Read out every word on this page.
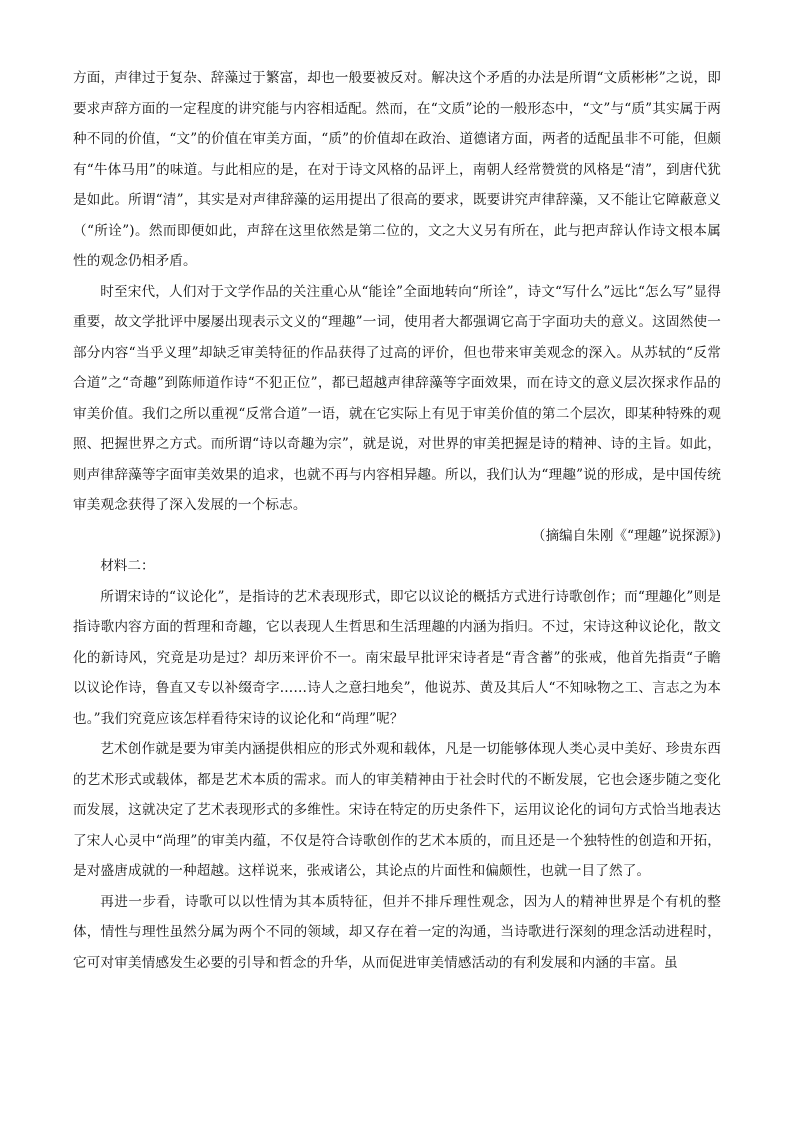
方面，声律过于复杂、辞藻过于繁富，却也一般要被反对。解决这个矛盾的办法是所谓“文质彬彬”之说，即要求声辞方面的一定程度的讲究能与内容相适配。然而，在“文质”论的一般形态中，“文”与“质”其实属于两种不同的价值，“文”的价值在审美方面，“质”的价值却在政治、道德诸方面，两者的适配虽非不可能，但颇有“牛体马用”的味道。与此相应的是，在对于诗文风格的品评上，南朝人经常赞赏的风格是“清”，到唐代犹是如此。所谓“清”，其实是对声律辞藻的运用提出了很高的要求，既要讲究声律辞藻，又不能让它障蔽意义（“所诠”)。然而即便如此，声辞在这里依然是第二位的，文之大义另有所在，此与把声辞认作诗文根本属性的观念仍相矛盾。

时至宋代，人们对于文学作品的关注重心从“能诠”全面地转向“所诠”，诗文“写什么”远比“怎么写”显得重要，故文学批评中屡屡出现表示文义的“理趣”一词，使用者大都强调它高于字面功夫的意义。这固然使一部分内容“当乎义理”却缺乏审美特征的作品获得了过高的评价，但也带来审美观念的深入。从苏轼的“反常合道”之“奇趣”到陈师道作诗“不犯正位”，都已超越声律辞藻等字面效果，而在诗文的意义层次探求作品的审美价值。我们之所以重视“反常合道”一语，就在它实际上有见于审美价值的第二个层次，即某种特殊的观照、把握世界之方式。而所谓“诗以奇趣为宗”，就是说，对世界的审美把握是诗的精神、诗的主旨。如此，则声律辞藻等字面审美效果的追求，也就不再与内容相异趣。所以，我们认为“理趣”说的形成，是中国传统审美观念获得了深入发展的一个标志。

（摘编自朱刚《“理趣”说探源》)

材料二：

所谓宋诗的“议论化”，是指诗的艺术表现形式，即它以议论的概括方式进行诗歌创作；而“理趣化”则是指诗歌内容方面的哲理和奇趣，它以表现人生哲思和生活理趣的内涵为指归。不过，宋诗这种议论化，散文化的新诗风，究竟是功是过？却历来评价不一。南宋最早批评宋诗者是“青含蓄”的张戒，他首先指责“子瞻以议论作诗，鲁直又专以补缀奇字……诗人之意扫地矣”，他说苏、黄及其后人“不知咏物之工、言志之为本也。”我们究竟应该怎样看待宋诗的议论化和“尚理”呢？

艺术创作就是要为审美内涵提供相应的形式外观和载体，凡是一切能够体现人类心灵中美好、珍贵东西的艺术形式或载体，都是艺术本质的需求。而人的审美精神由于社会时代的不断发展，它也会逐步随之变化而发展，这就决定了艺术表现形式的多维性。宋诗在特定的历史条件下，运用议论化的词句方式恰当地表达了宋人心灵中“尚理”的审美内蕴，不仅是符合诗歌创作的艺术本质的，而且还是一个独特性的创造和开拓，是对盛唐成就的一种超越。这样说来，张戒诸公，其论点的片面性和偏颇性，也就一目了然了。

再进一步看，诗歌可以以性情为其本质特征，但并不排斥理性观念，因为人的精神世界是个有机的整体，情性与理性虽然分属为两个不同的领域，却又存在着一定的沟通，当诗歌进行深刻的理念活动进程时，它可对审美情感发生必要的引导和哲念的升华，从而促进审美情感活动的有利发展和内涵的丰富。虽
